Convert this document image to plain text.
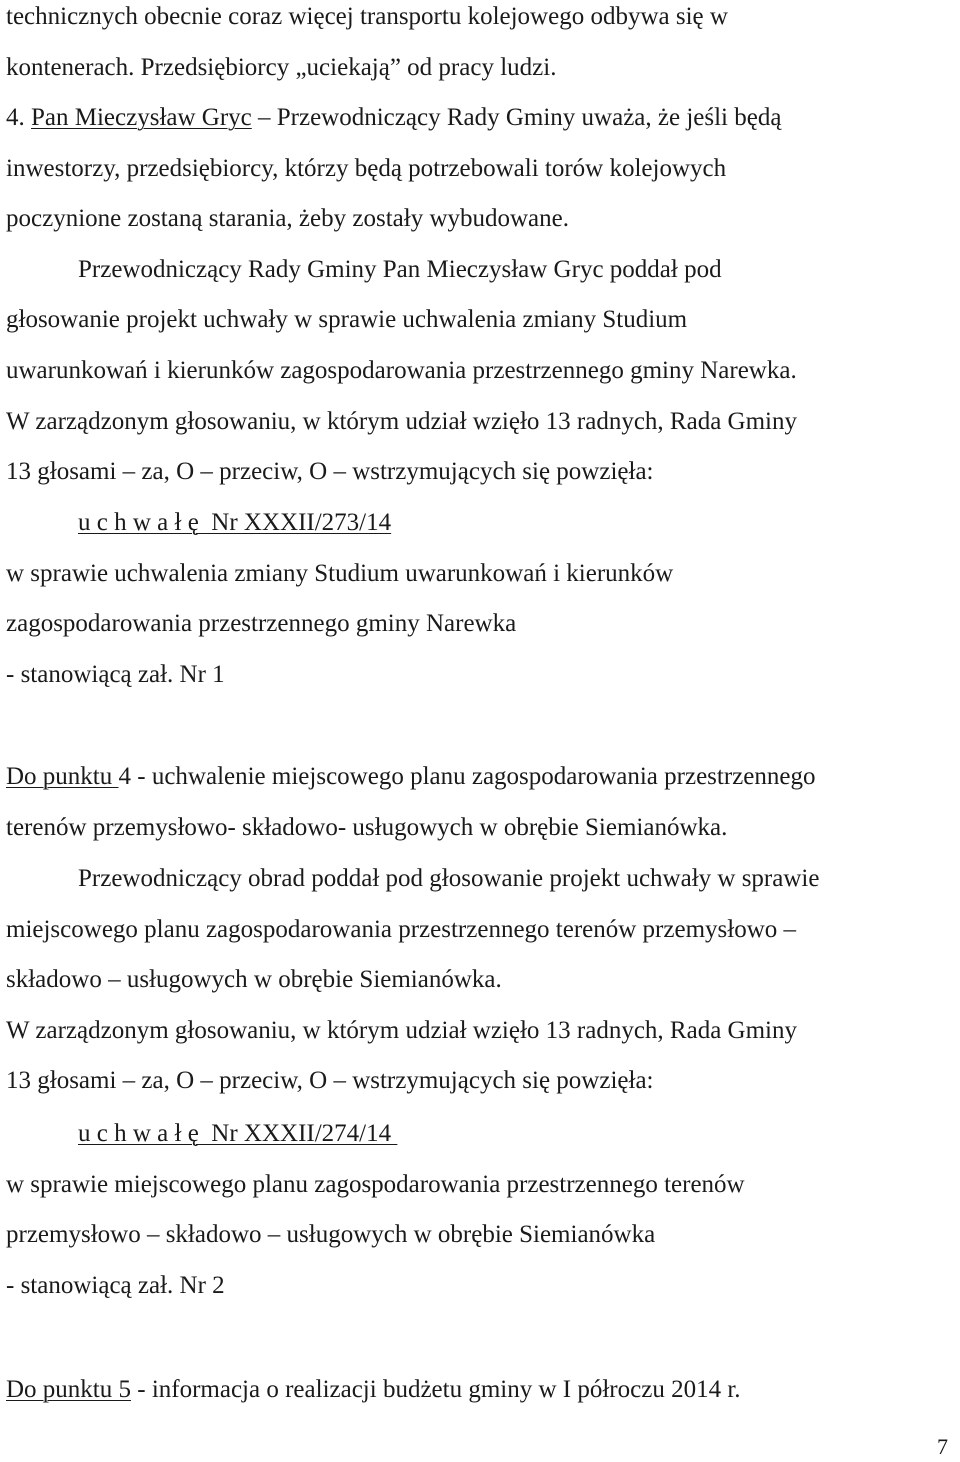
technicznych obecnie coraz więcej transportu kolejowego odbywa się w

kontenerach. Przedsiębiorcy „uciekają” od pracy ludzi.

4. Pan Mieczysław Gryc – Przewodniczący Rady Gminy uważa, że jeśli będą

inwestorzy, przedsiębiorcy, którzy będą potrzebowali torów kolejowych

poczynione zostaną starania, żeby zostały wybudowane.

Przewodniczący Rady Gminy Pan Mieczysław Gryc poddał pod

głosowanie projekt uchwały w sprawie uchwalenia zmiany Studium

uwarunkowań i kierunków zagospodarowania przestrzennego gminy Narewka.

W zarządzonym głosowaniu, w którym udział wzięło 13 radnych, Rada Gminy

13 głosami – za, O – przeciw, O – wstrzymujących się powzięła:

u c h w a ł ę  Nr XXXII/273/14

w sprawie uchwalenia zmiany Studium uwarunkowań i kierunków

zagospodarowania przestrzennego gminy Narewka

- stanowiącą zał. Nr 1

Do punktu 4 - uchwalenie miejscowego planu zagospodarowania przestrzennego

terenów przemysłowo- składowo- usługowych w obrębie Siemianówka.

Przewodniczący obrad poddał pod głosowanie projekt uchwały w sprawie

miejscowego planu zagospodarowania przestrzennego terenów przemysłowo –

składowo – usługowych w obrębie Siemianówka.

W zarządzonym głosowaniu, w którym udział wzięło 13 radnych, Rada Gminy

13 głosami – za, O – przeciw, O – wstrzymujących się powzięła:

u c h w a ł ę  Nr XXXII/274/14

w sprawie miejscowego planu zagospodarowania przestrzennego terenów

przemysłowo – składowo – usługowych w obrębie Siemianówka

- stanowiącą zał. Nr 2

Do punktu 5 - informacja o realizacji budżetu gminy w I półroczu 2014 r.

7
